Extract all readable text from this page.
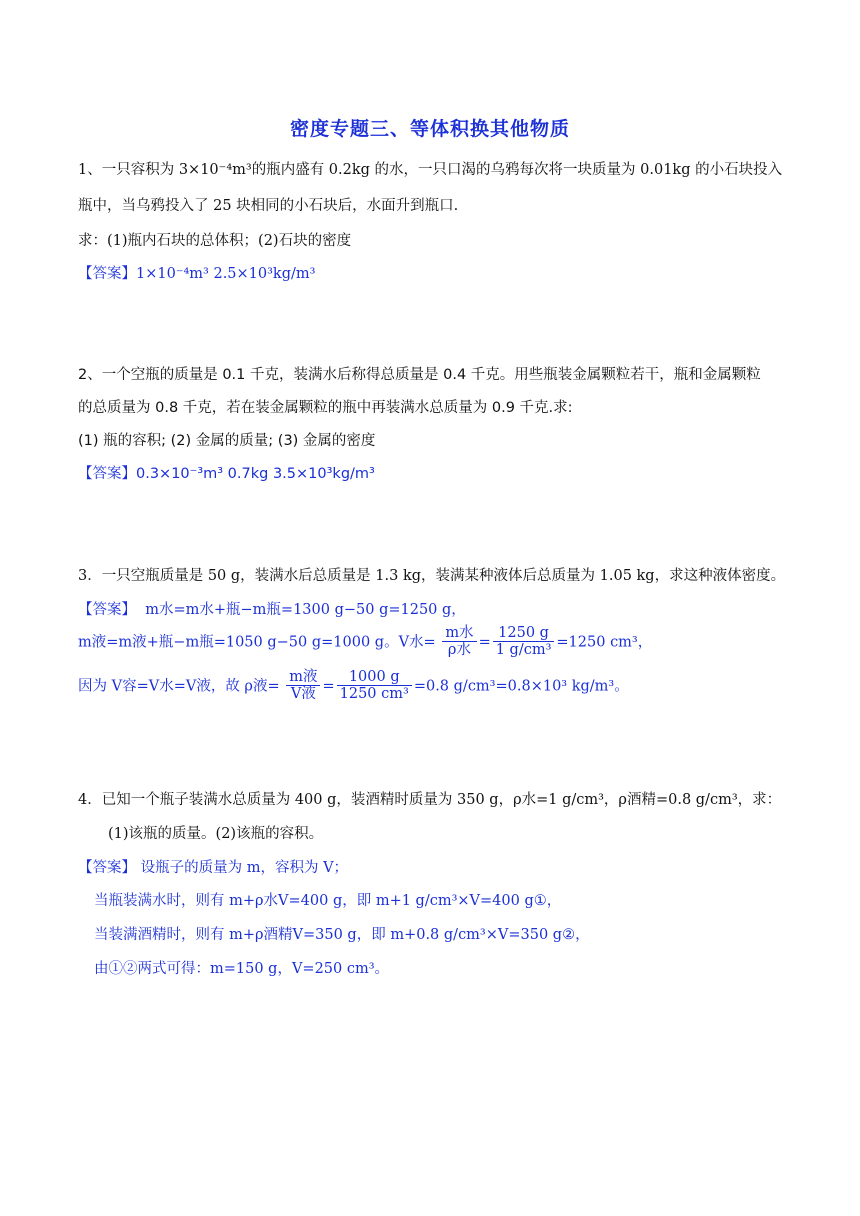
密度专题三、等体积换其他物质
1、一只容积为 3×10⁻⁴m³的瓶内盛有 0.2kg 的水，一只口渴的乌鸦每次将一块质量为 0.01kg 的小石块投入
瓶中，当乌鸦投入了 25 块相同的小石块后，水面升到瓶口.
求：(1)瓶内石块的总体积；(2)石块的密度
【答案】1×10⁻⁴m³ 2.5×10³kg/m³
2、一个空瓶的质量是 0.1 千克，装满水后称得总质量是 0.4 千克。用些瓶装金属颗粒若干，瓶和金属颗粒
的总质量为 0.8 千克，若在装金属颗粒的瓶中再装满水总质量为 0.9 千克.求:
(1) 瓶的容积; (2) 金属的质量; (3) 金属的密度
【答案】0.3×10⁻³m³ 0.7kg 3.5×10³kg/m³
3．一只空瓶质量是 50 g，装满水后总质量是 1.3 kg，装满某种液体后总质量为 1.05 kg，求这种液体密度。
【答案】 m水=m水+瓶−m瓶=1300 g−50 g=1250 g，
m液=m液+瓶−m瓶=1050 g−50 g=1000 g。V水= $\frac{\text{m水}}{\text{ρ水}} = \frac{1250 g}{\text{1 g/cm³}} =1250$ cm³，
因为 V容=V水=V液，故 ρ液= $\frac{\text{m液}}{\text{V液}} = \frac{1000 g}{\text{1250 cm³}} =0.8$ g/cm³=0.8×10³ kg/m³。
4．已知一个瓶子装满水总质量为 400 g，装酒精时质量为 350 g，ρ水=1 g/cm³，ρ酒精=0.8 g/cm³，求：
(1)该瓶的质量。(2)该瓶的容积。
【答案】 设瓶子的质量为 m，容积为 V；
当瓶装满水时，则有 m+ρ水V=400 g，即 m+1 g/cm³×V=400 g①，
当装满酒精时，则有 m+ρ酒精V=350 g，即 m+0.8 g/cm³×V=350 g②，
由①②两式可得：m=150 g，V=250 cm³。
